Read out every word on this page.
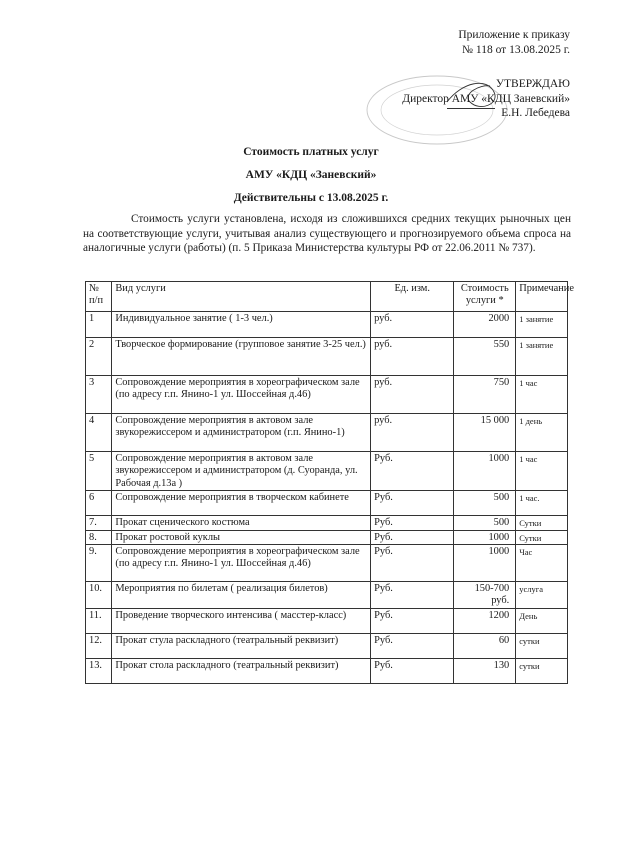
Приложение к приказу
№ 118 от 13.08.2025 г.
УТВЕРЖДАЮ
Директор АМУ «КДЦ Заневский»
Е.Н. Лебедева
Стоимость платных услуг
АМУ «КДЦ «Заневский»
Действительны с 13.08.2025 г.
Стоимость услуги установлена, исходя из сложившихся средних текущих рыночных цен на соответствующие услуги, учитывая анализ существующего и прогнозируемого объема спроса на аналогичные услуги (работы) (п. 5 Приказа Министерства культуры РФ от 22.06.2011 № 737).
№ п/п	Вид услуги	Ед. изм.	Стоимость услуги *	Примечание
1	Индивидуальное занятие ( 1-3 чел.)	руб.	2000	1 занятие
2	Творческое формирование (групповое занятие 3-25 чел.)	руб.	550	1 занятие
3	Сопровождение мероприятия в хореографическом зале (по адресу г.п. Янино-1 ул. Шоссейная д.46)	руб.	750	1 час
4	Сопровождение мероприятия в актовом зале звукорежиссером и администратором (г.п. Янино-1)	руб.	15 000	1 день
5	Сопровождение мероприятия в актовом зале звукорежиссером и администратором (д. Суоранда, ул. Рабочая д.13а )	Руб.	1000	1 час
6	Сопровождение мероприятия в творческом кабинете	Руб.	500	1 час.
7.	Прокат сценического костюма	Руб.	500	Сутки
8.	Прокат ростовой куклы	Руб.	1000	Сутки
9.	Сопровождение мероприятия в хореографическом зале (по адресу г.п. Янино-1 ул. Шоссейная д.46)	Руб.	1000	Час
10.	Мероприятия по билетам ( реализация билетов)	Руб.	150-700 руб.	услуга
11.	Проведение творческого интенсива ( масстер-класс)	Руб.	1200	День
12.	Прокат стула раскладного (театральный реквизит)	Руб.	60	сутки
13.	Прокат стола раскладного (театральный реквизит)	Руб.	130	сутки
